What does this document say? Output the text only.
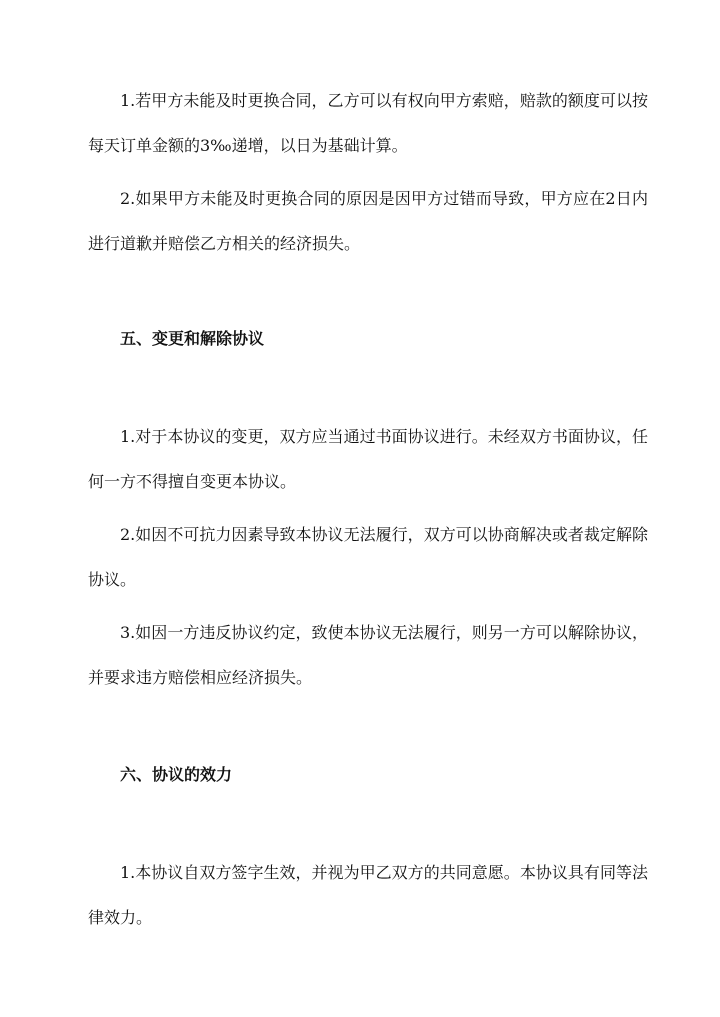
1.若甲方未能及时更换合同，乙方可以有权向甲方索赔，赔款的额度可以按每天订单金额的3‰递增，以日为基础计算。

2.如果甲方未能及时更换合同的原因是因甲方过错而导致，甲方应在2日内进行道歉并赔偿乙方相关的经济损失。

五、变更和解除协议

1.对于本协议的变更，双方应当通过书面协议进行。未经双方书面协议，任何一方不得擅自变更本协议。

2.如因不可抗力因素导致本协议无法履行，双方可以协商解决或者裁定解除协议。

3.如因一方违反协议约定，致使本协议无法履行，则另一方可以解除协议，并要求违方赔偿相应经济损失。

六、协议的效力

1.本协议自双方签字生效，并视为甲乙双方的共同意愿。本协议具有同等法律效力。
